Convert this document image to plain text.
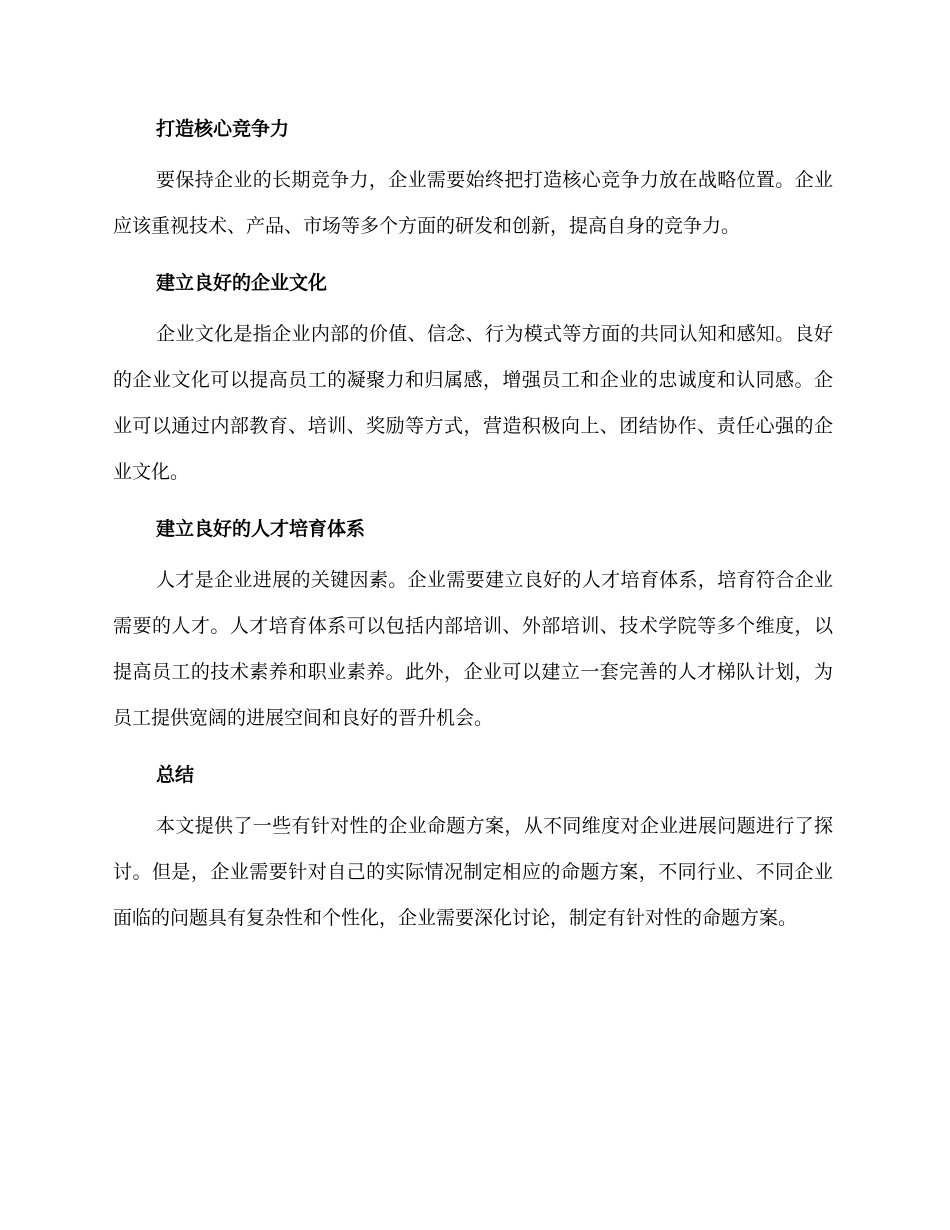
打造核心竞争力

要保持企业的长期竞争力，企业需要始终把打造核心竞争力放在战略位置。企业应该重视技术、产品、市场等多个方面的研发和创新，提高自身的竞争力。

建立良好的企业文化

企业文化是指企业内部的价值、信念、行为模式等方面的共同认知和感知。良好的企业文化可以提高员工的凝聚力和归属感，增强员工和企业的忠诚度和认同感。企业可以通过内部教育、培训、奖励等方式，营造积极向上、团结协作、责任心强的企业文化。

建立良好的人才培育体系

人才是企业进展的关键因素。企业需要建立良好的人才培育体系，培育符合企业需要的人才。人才培育体系可以包括内部培训、外部培训、技术学院等多个维度，以提高员工的技术素养和职业素养。此外，企业可以建立一套完善的人才梯队计划，为员工提供宽阔的进展空间和良好的晋升机会。

总结

本文提供了一些有针对性的企业命题方案，从不同维度对企业进展问题进行了探讨。但是，企业需要针对自己的实际情况制定相应的命题方案，不同行业、不同企业面临的问题具有复杂性和个性化，企业需要深化讨论，制定有针对性的命题方案。
